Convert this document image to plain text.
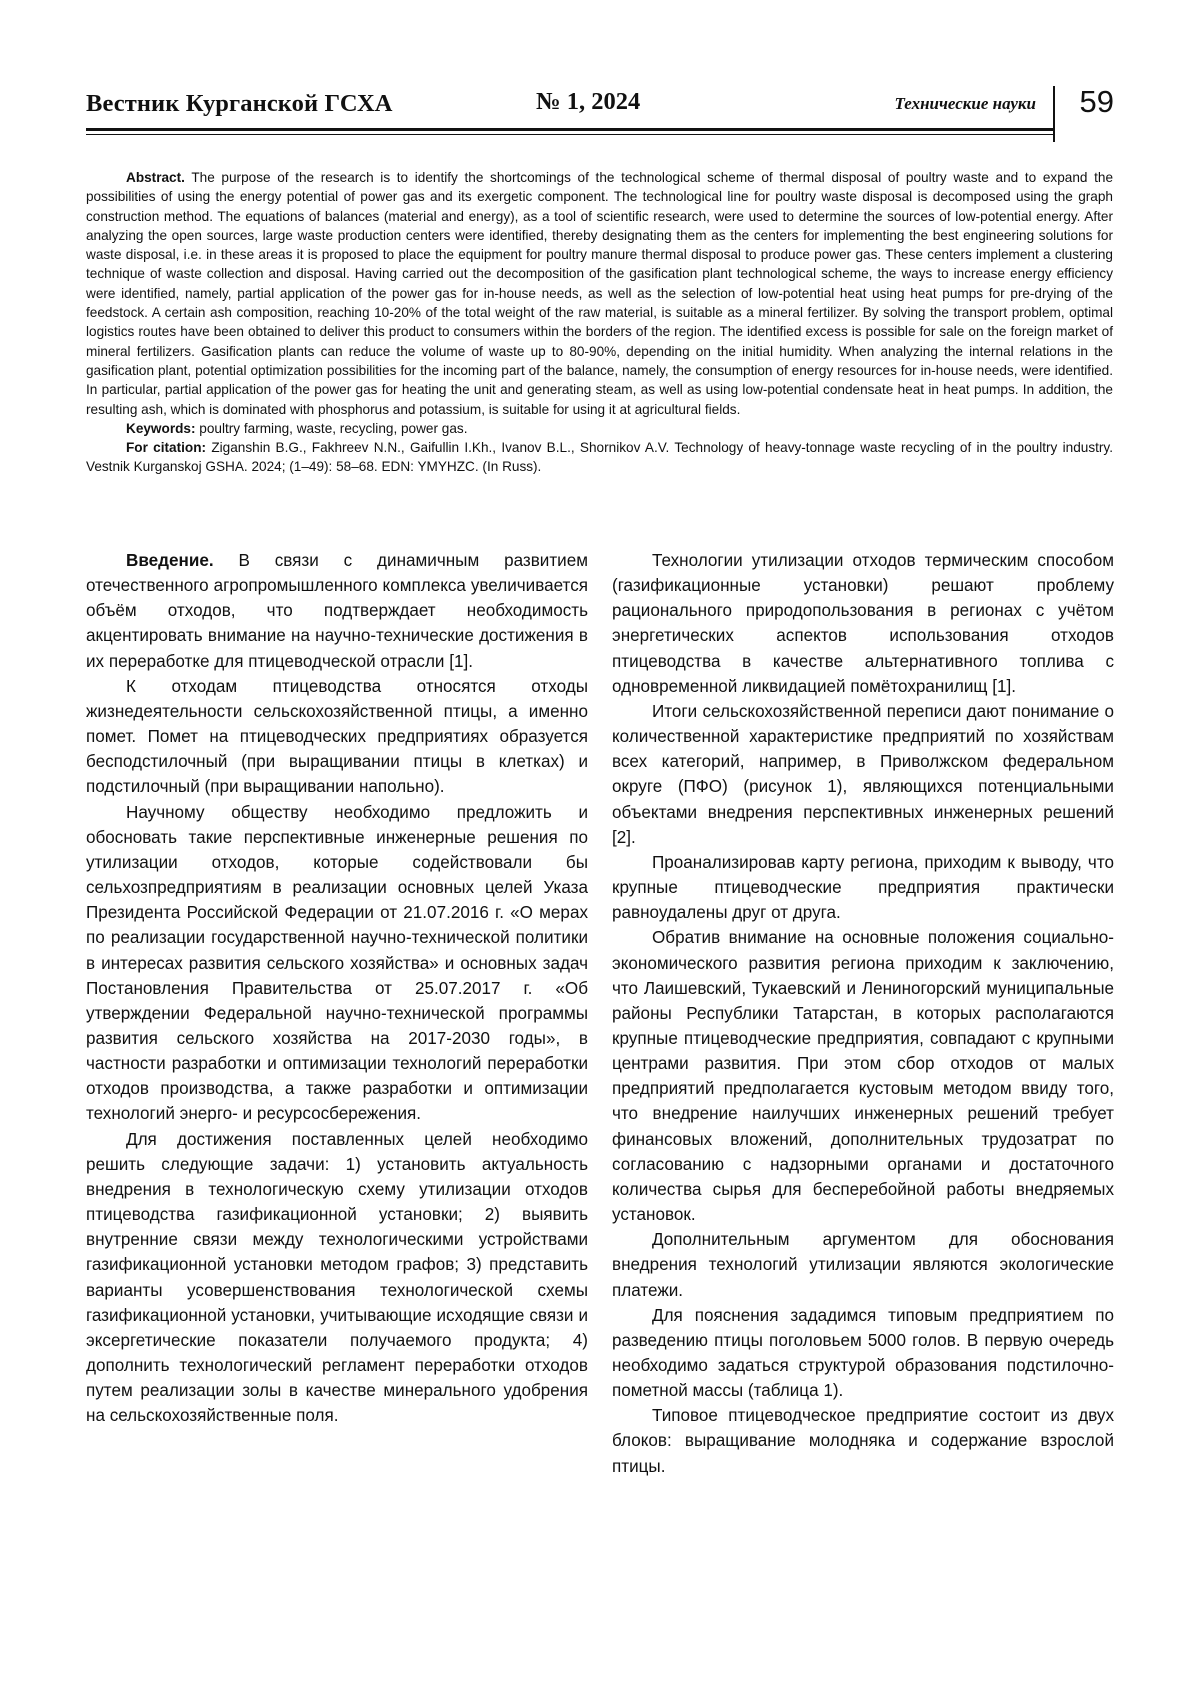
Вестник Курганской ГСХА	№ 1, 2024	Технические науки 59

Abstract. The purpose of the research is to identify the shortcomings of the technological scheme of thermal disposal of poultry waste and to expand the possibilities of using the energy potential of power gas and its exergetic component. The technological line for poultry waste disposal is decomposed using the graph construction method. The equations of balances (material and energy), as a tool of scientific research, were used to determine the sources of low-potential energy. After analyzing the open sources, large waste production centers were identified, thereby designating them as the centers for implementing the best engineering solutions for waste disposal, i.e. in these areas it is proposed to place the equipment for poultry manure thermal disposal to produce power gas. These centers implement a clustering technique of waste collection and disposal. Having carried out the decomposition of the gasification plant technological scheme, the ways to increase energy efficiency were identified, namely, partial application of the power gas for in-house needs, as well as the selection of low-potential heat using heat pumps for pre-drying of the feedstock. A certain ash composition, reaching 10-20% of the total weight of the raw material, is suitable as a mineral fertilizer. By solving the transport problem, optimal logistics routes have been obtained to deliver this product to consumers within the borders of the region. The identified excess is possible for sale on the foreign market of mineral fertilizers. Gasification plants can reduce the volume of waste up to 80-90%, depending on the initial humidity. When analyzing the internal relations in the gasification plant, potential optimization possibilities for the incoming part of the balance, namely, the consumption of energy resources for in-house needs, were identified. In particular, partial application of the power gas for heating the unit and generating steam, as well as using low-potential condensate heat in heat pumps. In addition, the resulting ash, which is dominated with phosphorus and potassium, is suitable for using it at agricultural fields.

Keywords: poultry farming, waste, recycling, power gas.

For citation: Ziganshin B.G., Fakhreev N.N., Gaifullin I.Kh., Ivanov B.L., Shornikov A.V. Technology of heavy-tonnage waste recycling of in the poultry industry. Vestnik Kurganskoj GSHA. 2024; (1–49): 58–68. EDN: YMYHZC. (In Russ).

Введение. В связи с динамичным развитием отечественного агропромышленного комплекса увеличивается объём отходов, что подтверждает необходимость акцентировать внимание на научно-технические достижения в их переработке для птицеводческой отрасли [1].

К отходам птицеводства относятся отходы жизнедеятельности сельскохозяйственной птицы, а именно помет. Помет на птицеводческих предприятиях образуется бесподстилочный (при выращивании птицы в клетках) и подстилочный (при выращивании напольно).

Научному обществу необходимо предложить и обосновать такие перспективные инженерные решения по утилизации отходов, которые содействовали бы сельхозпредприятиям в реализации основных целей Указа Президента Российской Федерации от 21.07.2016 г. «О мерах по реализации государственной научно-технической политики в интересах развития сельского хозяйства» и основных задач Постановления Правительства от 25.07.2017 г. «Об утверждении Федеральной научно-технической программы развития сельского хозяйства на 2017-2030 годы», в частности разработки и оптимизации технологий переработки отходов производства, а также разработки и оптимизации технологий энерго- и ресурсосбережения.

Для достижения поставленных целей необходимо решить следующие задачи: 1) установить актуальность внедрения в технологическую схему утилизации отходов птицеводства газификационной установки; 2) выявить внутренние связи между технологическими устройствами газификационной установки методом графов; 3) представить варианты усовершенствования технологической схемы газификационной установки, учитывающие исходящие связи и эксергетические показатели получаемого продукта; 4) дополнить технологический регламент переработки отходов путем реализации золы в качестве минерального удобрения на сельскохозяйственные поля.

Технологии утилизации отходов термическим способом (газификационные установки) решают проблему рационального природопользования в регионах с учётом энергетических аспектов использования отходов птицеводства в качестве альтернативного топлива с одновременной ликвидацией помётохранилищ [1].

Итоги сельскохозяйственной переписи дают понимание о количественной характеристике предприятий по хозяйствам всех категорий, например, в Приволжском федеральном округе (ПФО) (рисунок 1), являющихся потенциальными объектами внедрения перспективных инженерных решений [2].

Проанализировав карту региона, приходим к выводу, что крупные птицеводческие предприятия практически равноудалены друг от друга.

Обратив внимание на основные положения социально-экономического развития региона приходим к заключению, что Лаишевский, Тукаевский и Лениногорский муниципальные районы Республики Татарстан, в которых располагаются крупные птицеводческие предприятия, совпадают с крупными центрами развития. При этом сбор отходов от малых предприятий предполагается кустовым методом ввиду того, что внедрение наилучших инженерных решений требует финансовых вложений, дополнительных трудозатрат по согласованию с надзорными органами и достаточного количества сырья для бесперебойной работы внедряемых установок.

Дополнительным аргументом для обоснования внедрения технологий утилизации являются экологические платежи.

Для пояснения зададимся типовым предприятием по разведению птицы поголовьем 5000 голов. В первую очередь необходимо задаться структурой образования подстилочно-пометной массы (таблица 1).

Типовое птицеводческое предприятие состоит из двух блоков: выращивание молодняка и содержание взрослой птицы.
